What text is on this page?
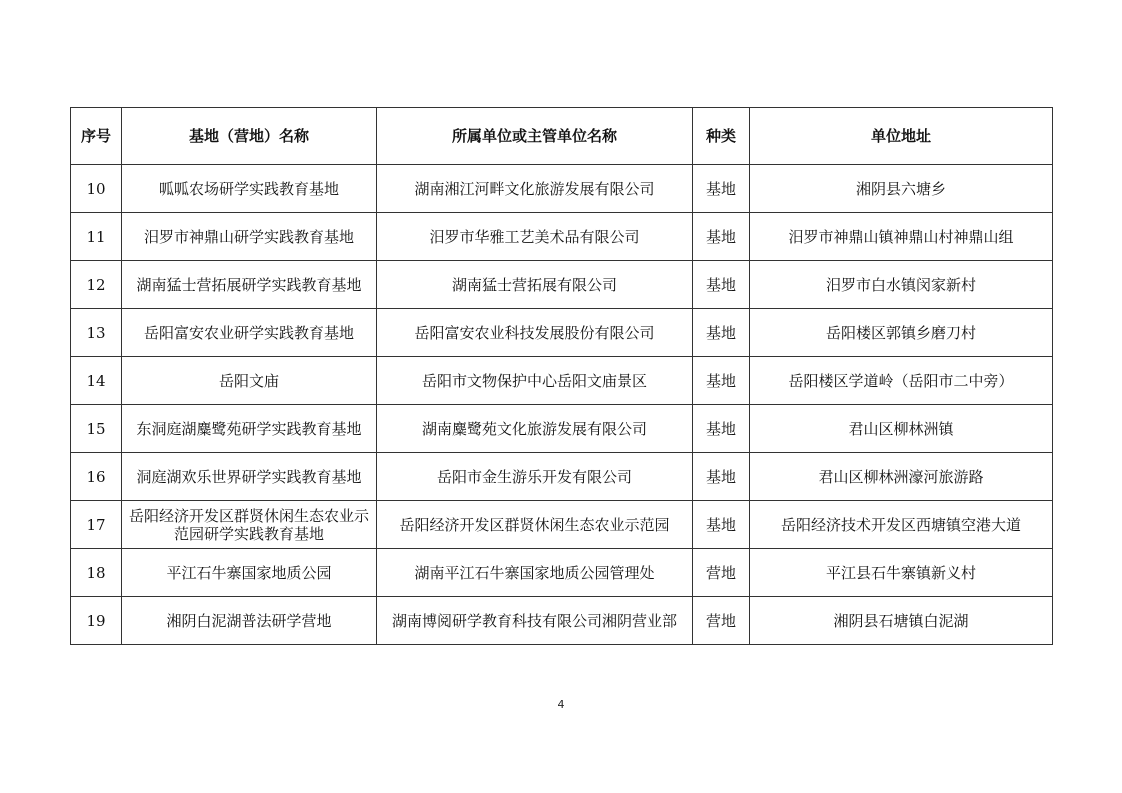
序号	基地（营地）名称	所属单位或主管单位名称	种类	单位地址
10	呱呱农场研学实践教育基地	湖南湘江河畔文化旅游发展有限公司	基地	湘阴县六塘乡
11	汨罗市神鼎山研学实践教育基地	汨罗市华雅工艺美术品有限公司	基地	汨罗市神鼎山镇神鼎山村神鼎山组
12	湖南猛士营拓展研学实践教育基地	湖南猛士营拓展有限公司	基地	汨罗市白水镇闵家新村
13	岳阳富安农业研学实践教育基地	岳阳富安农业科技发展股份有限公司	基地	岳阳楼区郭镇乡磨刀村
14	岳阳文庙	岳阳市文物保护中心岳阳文庙景区	基地	岳阳楼区学道岭（岳阳市二中旁）
15	东洞庭湖麋鹭苑研学实践教育基地	湖南麋鹭苑文化旅游发展有限公司	基地	君山区柳林洲镇
16	洞庭湖欢乐世界研学实践教育基地	岳阳市金生游乐开发有限公司	基地	君山区柳林洲濠河旅游路
17	岳阳经济开发区群贤休闲生态农业示范园研学实践教育基地	岳阳经济开发区群贤休闲生态农业示范园	基地	岳阳经济技术开发区西塘镇空港大道
18	平江石牛寨国家地质公园	湖南平江石牛寨国家地质公园管理处	营地	平江县石牛寨镇新义村
19	湘阴白泥湖普法研学营地	湖南博阅研学教育科技有限公司湘阴营业部	营地	湘阴县石塘镇白泥湖
4
